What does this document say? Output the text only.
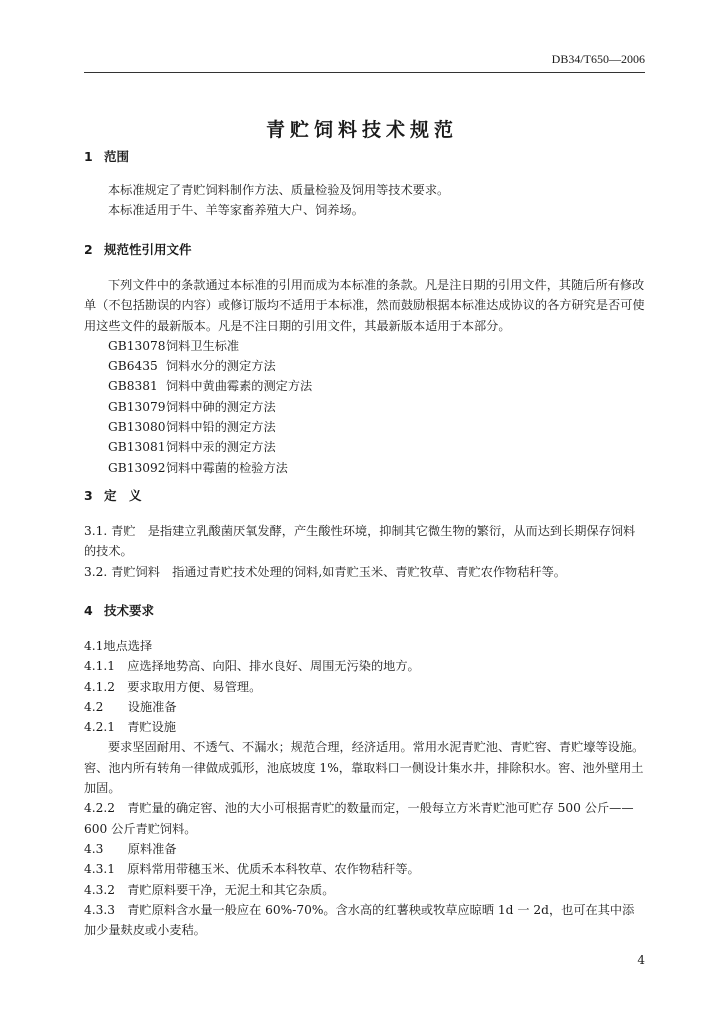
DB34/T650—2006
青贮饲料技术规范
1 范围

本标准规定了青贮饲料制作方法、质量检验及饲用等技术要求。

本标准适用于牛、羊等家畜养殖大户、饲养场。

2 规范性引用文件

下列文件中的条款通过本标准的引用而成为本标准的条款。凡是注日期的引用文件，其随后所有修改单（不包括勘误的内容）或修订版均不适用于本标准，然而鼓励根据本标准达成协议的各方研究是否可使用这些文件的最新版本。凡是不注日期的引用文件，其最新版本适用于本部分。

GB13078饲料卫生标准
GB6435 饲料水分的测定方法
GB8381 饲料中黄曲霉素的测定方法
GB13079饲料中砷的测定方法
GB13080饲料中铅的测定方法
GB13081饲料中汞的测定方法
GB13092饲料中霉菌的检验方法
3 定　义

3.1. 青贮　是指建立乳酸菌厌氧发酵，产生酸性环境，抑制其它微生物的繁衍，从而达到长期保存饲料的技术。

3.2. 青贮饲料　指通过青贮技术处理的饲料,如青贮玉米、青贮牧草、青贮农作物秸秆等。

4 技术要求

4.1地点选择

4.1.1　应选择地势高、向阳、排水良好、周围无污染的地方。

4.1.2　要求取用方便、易管理。

4.2　　设施准备

4.2.1　青贮设施

要求坚固耐用、不透气、不漏水；规范合理，经济适用。常用水泥青贮池、青贮窖、青贮壕等设施。窖、池内所有转角一律做成弧形，池底坡度 1%，靠取料口一侧设计集水井，排除积水。窖、池外壁用土加固。

4.2.2　青贮量的确定窖、池的大小可根据青贮的数量而定，一般每立方米青贮池可贮存 500 公斤——600 公斤青贮饲料。

4.3　　原料准备

4.3.1　原料常用带穗玉米、优质禾本科牧草、农作物秸秆等。

4.3.2　青贮原料要干净，无泥土和其它杂质。

4.3.3　青贮原料含水量一般应在 60%-70%。含水高的红薯秧或牧草应晾晒 1d 一 2d，也可在其中添加少量麸皮或小麦秸。

4
